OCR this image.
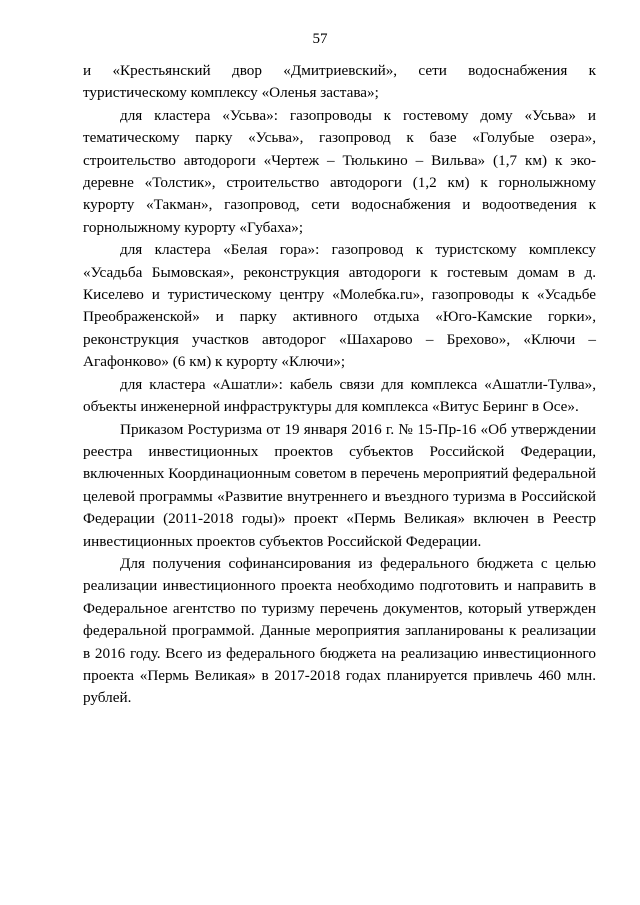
57

и «Крестьянский двор «Дмитриевский», сети водоснабжения к туристическому комплексу «Оленья застава»;

для кластера «Усьва»: газопроводы к гостевому дому «Усьва» и тематическому парку «Усьва», газопровод к базе «Голубые озера», строительство автодороги «Чертеж – Тюлькино – Вильва» (1,7 км) к эко-деревне «Толстик», строительство автодороги (1,2 км) к горнолыжному курорту «Такман», газопровод, сети водоснабжения и водоотведения к горнолыжному курорту «Губаха»;

для кластера «Белая гора»: газопровод к туристскому комплексу «Усадьба Бымовская», реконструкция автодороги к гостевым домам в д. Киселево и туристическому центру «Молебка.ru», газопроводы к «Усадьбе Преображенской» и парку активного отдыха «Юго-Камские горки», реконструкция участков автодорог «Шахарово – Брехово», «Ключи – Агафонково» (6 км) к курорту «Ключи»;

для кластера «Ашатли»: кабель связи для комплекса «Ашатли-Тулва», объекты инженерной инфраструктуры для комплекса «Витус Беринг в Осе».

Приказом Ростуризма от 19 января 2016 г. № 15-Пр-16 «Об утверждении реестра инвестиционных проектов субъектов Российской Федерации, включенных Координационным советом в перечень мероприятий федеральной целевой программы «Развитие внутреннего и въездного туризма в Российской Федерации (2011-2018 годы)» проект «Пермь Великая» включен в Реестр инвестиционных проектов субъектов Российской Федерации.

Для получения софинансирования из федерального бюджета с целью реализации инвестиционного проекта необходимо подготовить и направить в Федеральное агентство по туризму перечень документов, который утвержден федеральной программой. Данные мероприятия запланированы к реализации в 2016 году. Всего из федерального бюджета на реализацию инвестиционного проекта «Пермь Великая» в 2017-2018 годах планируется привлечь 460 млн. рублей.
